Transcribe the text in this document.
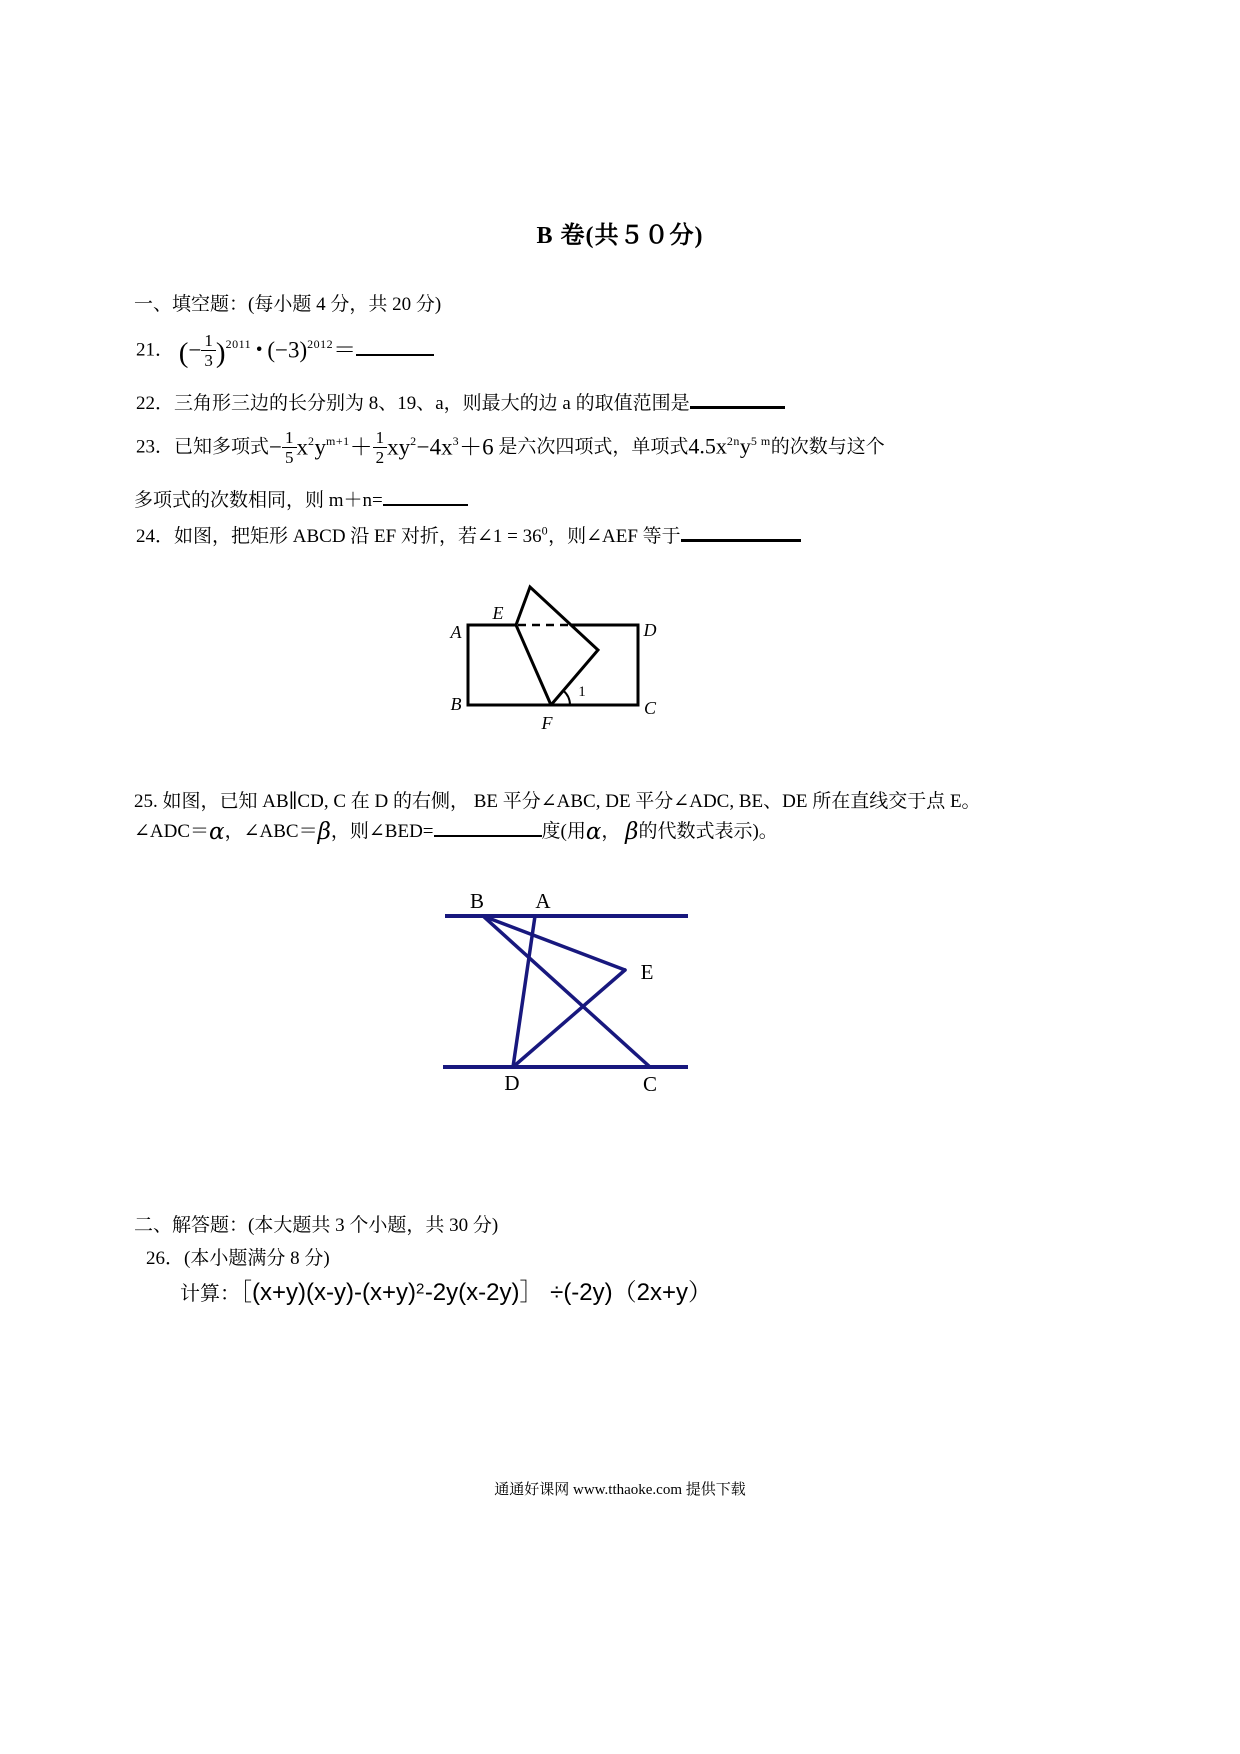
B 卷(共５０分)
一、填空题：(每小题 4 分，共 20 分)
21． (− $\frac{1}{3} )^{2011}$ • $(-3)^{2012}=$
22．三角形三边的长分别为 8、19、a，则最大的边 a 的取值范围是
23．已知多项式− $\frac{1}{5} x^2y^{m+1}+ \frac{1}{2} xy^2-4x^3+6$ 是六次四项式，单项式$4.5x^{2n}y^{5 m}$的次数与这个
多项式的次数相同，则 m＋n=
24．如图，把矩形 ABCD 沿 EF 对折，若∠1 = $36^0$，则∠AEF 等于
A	D
B	C
E
F
1
25. 如图，已知 AB∥CD, C 在 D 的右侧， BE 平分∠ABC, DE 平分∠ADC, BE、DE 所在直线交于点 E。
∠ADC＝α，∠ABC＝β，则∠BED=	度(用α， β的代数式表示)。
B A
D	C
E
二、解答题：(本大题共 3 个小题，共 30 分)
26．(本小题满分 8 分)
计算：$[(x+y)(x-y)-(x+y)^2-2y(x-2y)] \div(-2y)(2x+y)$
通通好课网 www.tthaoke.com 提供下载
